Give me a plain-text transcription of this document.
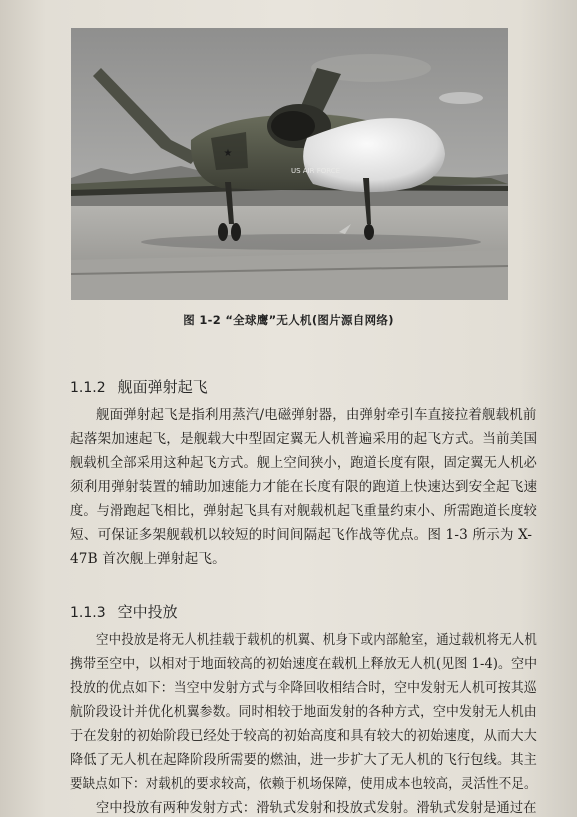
★
US AIR FORCE
图 1-2 “全球鹰”无人机(图片源自网络)
1.1.2 舰面弹射起飞
舰面弹射起飞是指利用蒸汽/电磁弹射器，由弹射牵引车直接拉着舰载机前
起落架加速起飞，是舰载大中型固定翼无人机普遍采用的起飞方式。当前美国
舰载机全部采用这种起飞方式。舰上空间狭小，跑道长度有限，固定翼无人机必
须利用弹射装置的辅助加速能力才能在长度有限的跑道上快速达到安全起飞速
度。与滑跑起飞相比，弹射起飞具有对舰载机起飞重量约束小、所需跑道长度较
短、可保证多架舰载机以较短的时间间隔起飞作战等优点。图 1-3 所示为 X-
47B 首次舰上弹射起飞。
1.1.3 空中投放
空中投放是将无人机挂载于载机的机翼、机身下或内部舱室，通过载机将无人机
携带至空中，以相对于地面较高的初始速度在载机上释放无人机(见图 1-4)。空中
投放的优点如下：当空中发射方式与伞降回收相结合时，空中发射无人机可按其巡
航阶段设计并优化机翼参数。同时相较于地面发射的各种方式，空中发射无人机由
于在发射的初始阶段已经处于较高的初始高度和具有较大的初始速度，从而大大
降低了无人机在起降阶段所需要的燃油，进一步扩大了无人机的飞行包线。其主
要缺点如下：对载机的要求较高，依赖于机场保障，使用成本也较高，灵活性不足。
空中投放有两种发射方式：滑轨式发射和投放式发射。滑轨式发射是通过在
